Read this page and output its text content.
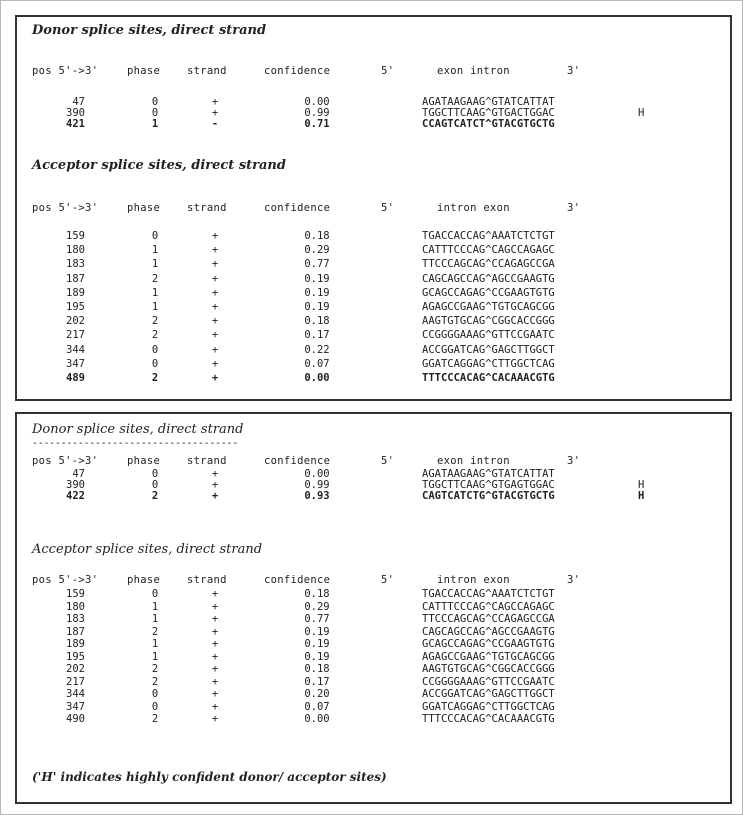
Donor splice sites, direct strand
pos 5'->3'	phase	strand	confidence	5'	exon intron	3'
47	0	+	0.00	AGATAAGAAG^GTATCATTAT
390	0	+	0.99	TGGCTTCAAG^GTGACTGGAC	H
421	1	-	0.71	CCAGTCATCT^GTACGTGCTG
Acceptor splice sites, direct strand
pos 5'->3'	phase	strand	confidence	5'	intron exon	3'
159	0	+	0.18	TGACCACCAG^AAATCTCTGT
180	1	+	0.29	CATTTCCCAG^CAGCCAGAGC
183	1	+	0.77	TTCCCAGCAG^CCAGAGCCGA
187	2	+	0.19	CAGCAGCCAG^AGCCGAAGTG
189	1	+	0.19	GCAGCCAGAG^CCGAAGTGTG
195	1	+	0.19	AGAGCCGAAG^TGTGCAGCGG
202	2	+	0.18	AAGTGTGCAG^CGGCACCGGG
217	2	+	0.17	CCGGGGAAAG^GTTCCGAATC
344	0	+	0.22	ACCGGATCAG^GAGCTTGGCT
347	0	+	0.07	GGATCAGGAG^CTTGGCTCAG
489	2	+	0.00	TTTCCCACAG^CACAAACGTG
Donor splice sites, direct strand
------------------------------------
pos 5'->3'	phase	strand	confidence	5'	exon intron	3'
47	0	+	0.00	AGATAAGAAG^GTATCATTAT
390	0	+	0.99	TGGCTTCAAG^GTGAGTGGAC	H
422	2	+	0.93	CAGTCATCTG^GTACGTGCTG	H
Acceptor splice sites, direct strand
pos 5'->3'	phase	strand	confidence	5'	intron exon	3'
159	0	+	0.18	TGACCACCAG^AAATCTCTGT
180	1	+	0.29	CATTTCCCAG^CAGCCAGAGC
183	1	+	0.77	TTCCCAGCAG^CCAGAGCCGA
187	2	+	0.19	CAGCAGCCAG^AGCCGAAGTG
189	1	+	0.19	GCAGCCAGAG^CCGAAGTGTG
195	1	+	0.19	AGAGCCGAAG^TGTGCAGCGG
202	2	+	0.18	AAGTGTGCAG^CGGCACCGGG
217	2	+	0.17	CCGGGGAAAG^GTTCCGAATC
344	0	+	0.20	ACCGGATCAG^GAGCTTGGCT
347	0	+	0.07	GGATCAGGAG^CTTGGCTCAG
490	2	+	0.00	TTTCCCACAG^CACAAACGTG
('H' indicates highly confident donor/ acceptor sites)
